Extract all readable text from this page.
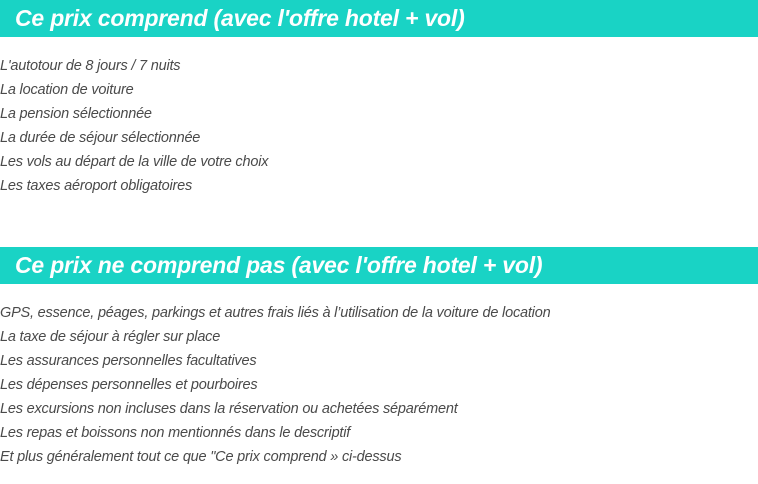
Ce prix comprend (avec l'offre hotel + vol)
L'autotour de 8 jours / 7 nuits
La location de voiture
La pension sélectionnée
La durée de séjour sélectionnée
Les vols au départ de la ville de votre choix
Les taxes aéroport obligatoires
Ce prix ne comprend pas (avec l'offre hotel + vol)
GPS, essence, péages, parkings et autres frais liés à l’utilisation de la voiture de location
La taxe de séjour à régler sur place
Les assurances personnelles facultatives
Les dépenses personnelles et pourboires
Les excursions non incluses dans la réservation ou achetées séparément
Les repas et boissons non mentionnés dans le descriptif
Et plus généralement tout ce que "Ce prix comprend » ci-dessus
